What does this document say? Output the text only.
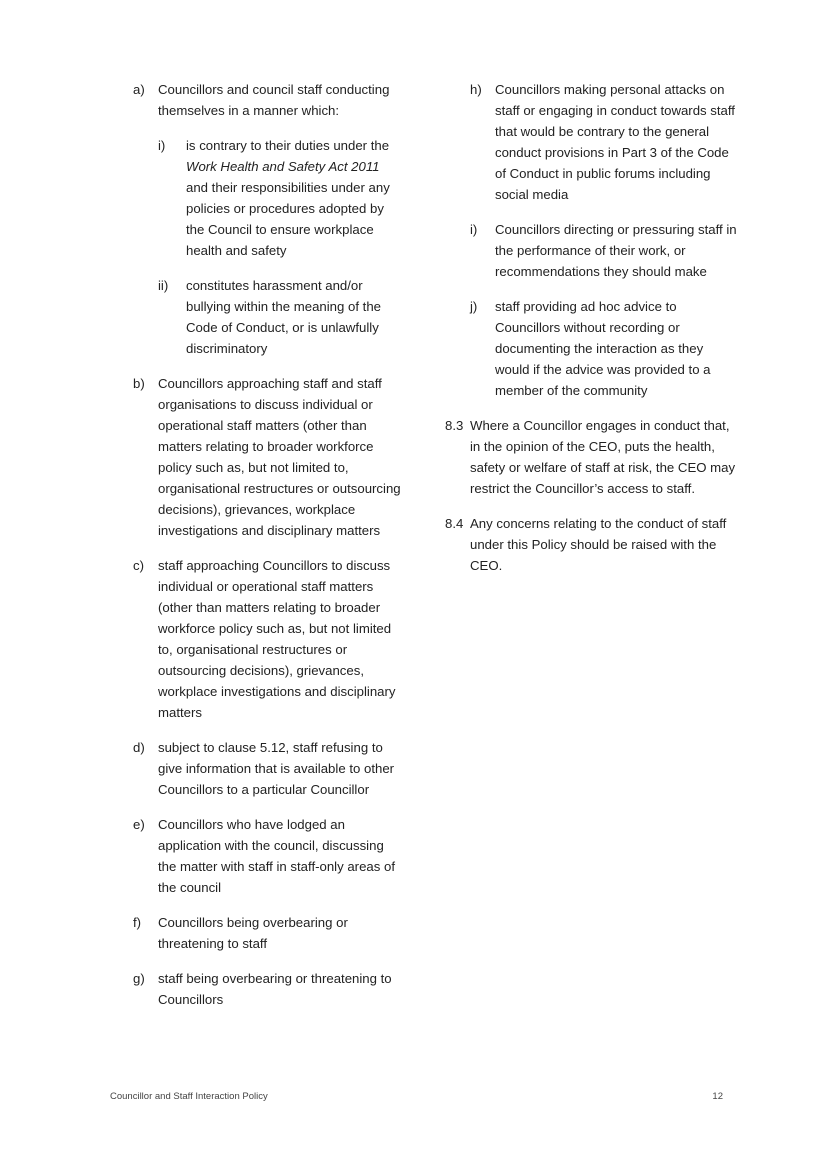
a)	Councillors and council staff conducting themselves in a manner which:

i)	is contrary to their duties under the Work Health and Safety Act 2011 and their responsibilities under any policies or procedures adopted by the Council to ensure workplace health and safety

ii)	constitutes harassment and/or bullying within the meaning of the Code of Conduct, or is unlawfully discriminatory

b)	Councillors approaching staff and staff organisations to discuss individual or operational staff matters (other than matters relating to broader workforce policy such as, but not limited to, organisational restructures or outsourcing decisions), grievances, workplace investigations and disciplinary matters

c)	staff approaching Councillors to discuss individual or operational staff matters (other than matters relating to broader workforce policy such as, but not limited to, organisational restructures or outsourcing decisions), grievances, workplace investigations and disciplinary matters

d)	subject to clause 5.12, staff refusing to give information that is available to other Councillors to a particular Councillor

e)	Councillors who have lodged an application with the council, discussing the matter with staff in staff-only areas of the council

f)	Councillors being overbearing or threatening to staff

g)	staff being overbearing or threatening to Councillors

h)	Councillors making personal attacks on staff or engaging in conduct towards staff that would be contrary to the general conduct provisions in Part 3 of the Code of Conduct in public forums including social media

i)	Councillors directing or pressuring staff in the performance of their work, or recommendations they should make

j)	staff providing ad hoc advice to Councillors without recording or documenting the interaction as they would if the advice was provided to a member of the community

8.3 Where a Councillor engages in conduct that, in the opinion of the CEO, puts the health, safety or welfare of staff at risk, the CEO may restrict the Councillor’s access to staff.

8.4 Any concerns relating to the conduct of staff under this Policy should be raised with the CEO.

Councillor and Staff Interaction Policy	12
